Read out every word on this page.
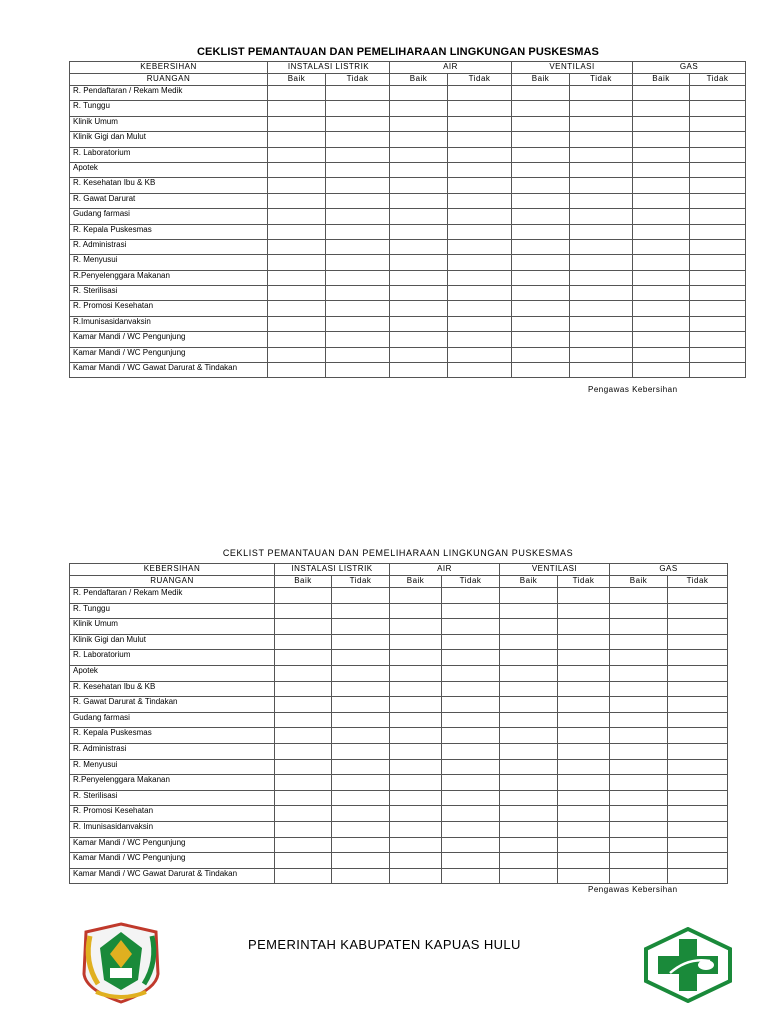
CEKLIST PEMANTAUAN DAN PEMELIHARAAN LINGKUNGAN PUSKESMAS
KEBERSIHAN	INSTALASI LISTRIK		AIR		VENTILASI		GAS	
RUANGAN	Baik	Tidak	Baik	Tidak	Baik	Tidak	Baik	Tidak
R. Pendaftaran / Rekam Medik								
R. Tunggu								
Klinik Umum								
Klinik Gigi dan Mulut								
R. Laboratorium								
Apotek								
R. Kesehatan Ibu & KB								
R. Gawat Darurat								
Gudang farmasi								
R. Kepala Puskesmas								
R. Administrasi								
R. Menyusui								
R.Penyelenggara Makanan								
R. Sterilisasi								
R. Promosi Kesehatan								
R.Imunisasidanvaksin								
Kamar Mandi / WC Pengunjung								
Kamar Mandi / WC Pengunjung								
Kamar Mandi / WC Gawat Darurat & Tindakan								
Pengawas Kebersihan
CEKLIST PEMANTAUAN DAN PEMELIHARAAN LINGKUNGAN PUSKESMAS
KEBERSIHAN	INSTALASI LISTRIK		AIR		VENTILASI		GAS	
RUANGAN	Baik	Tidak	Baik	Tidak	Baik	Tidak	Baik	Tidak
R. Pendaftaran / Rekam Medik								
R. Tunggu								
Klinik Umum								
Klinik Gigi dan Mulut								
R. Laboratorium								
Apotek								
R. Kesehatan Ibu & KB								
R. Gawat Darurat & Tindakan								
Gudang farmasi								
R. Kepala Puskesmas								
R. Administrasi								
R. Menyusui								
R.Penyelenggara Makanan								
R. Sterilisasi								
R. Promosi Kesehatan								
R. Imunisasidanvaksin								
Kamar Mandi / WC Pengunjung								
Kamar Mandi / WC Pengunjung								
Kamar Mandi / WC Gawat Darurat & Tindakan								
Pengawas Kebersihan
PEMERINTAH KABUPATEN KAPUAS HULU
